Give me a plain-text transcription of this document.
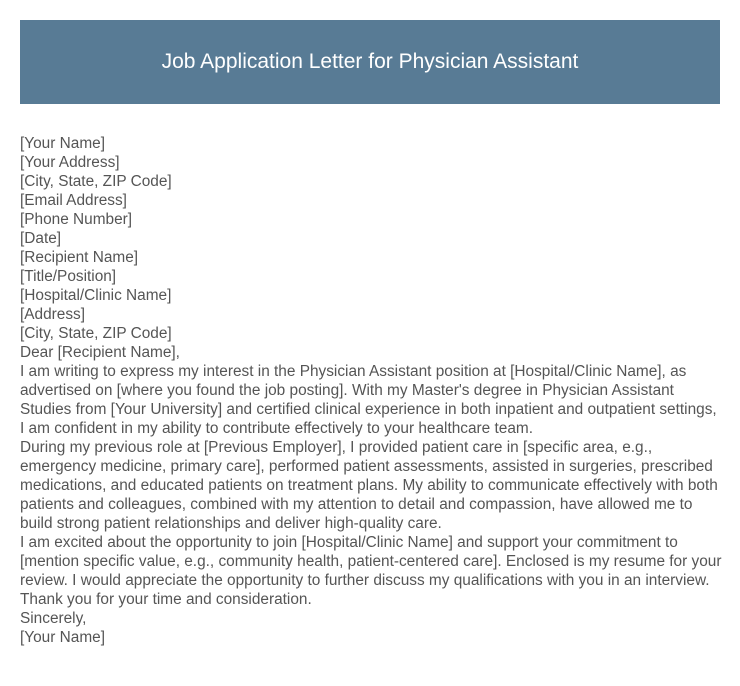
Job Application Letter for Physician Assistant
[Your Name]
[Your Address]
[City, State, ZIP Code]
[Email Address]
[Phone Number]
[Date]
[Recipient Name]
[Title/Position]
[Hospital/Clinic Name]
[Address]
[City, State, ZIP Code]
Dear [Recipient Name],
I am writing to express my interest in the Physician Assistant position at [Hospital/Clinic Name], as advertised on [where you found the job posting]. With my Master's degree in Physician Assistant Studies from [Your University] and certified clinical experience in both inpatient and outpatient settings, I am confident in my ability to contribute effectively to your healthcare team.
During my previous role at [Previous Employer], I provided patient care in [specific area, e.g., emergency medicine, primary care], performed patient assessments, assisted in surgeries, prescribed medications, and educated patients on treatment plans. My ability to communicate effectively with both patients and colleagues, combined with my attention to detail and compassion, have allowed me to build strong patient relationships and deliver high-quality care.
I am excited about the opportunity to join [Hospital/Clinic Name] and support your commitment to [mention specific value, e.g., community health, patient-centered care]. Enclosed is my resume for your review. I would appreciate the opportunity to further discuss my qualifications with you in an interview.
Thank you for your time and consideration.
Sincerely,
[Your Name]
